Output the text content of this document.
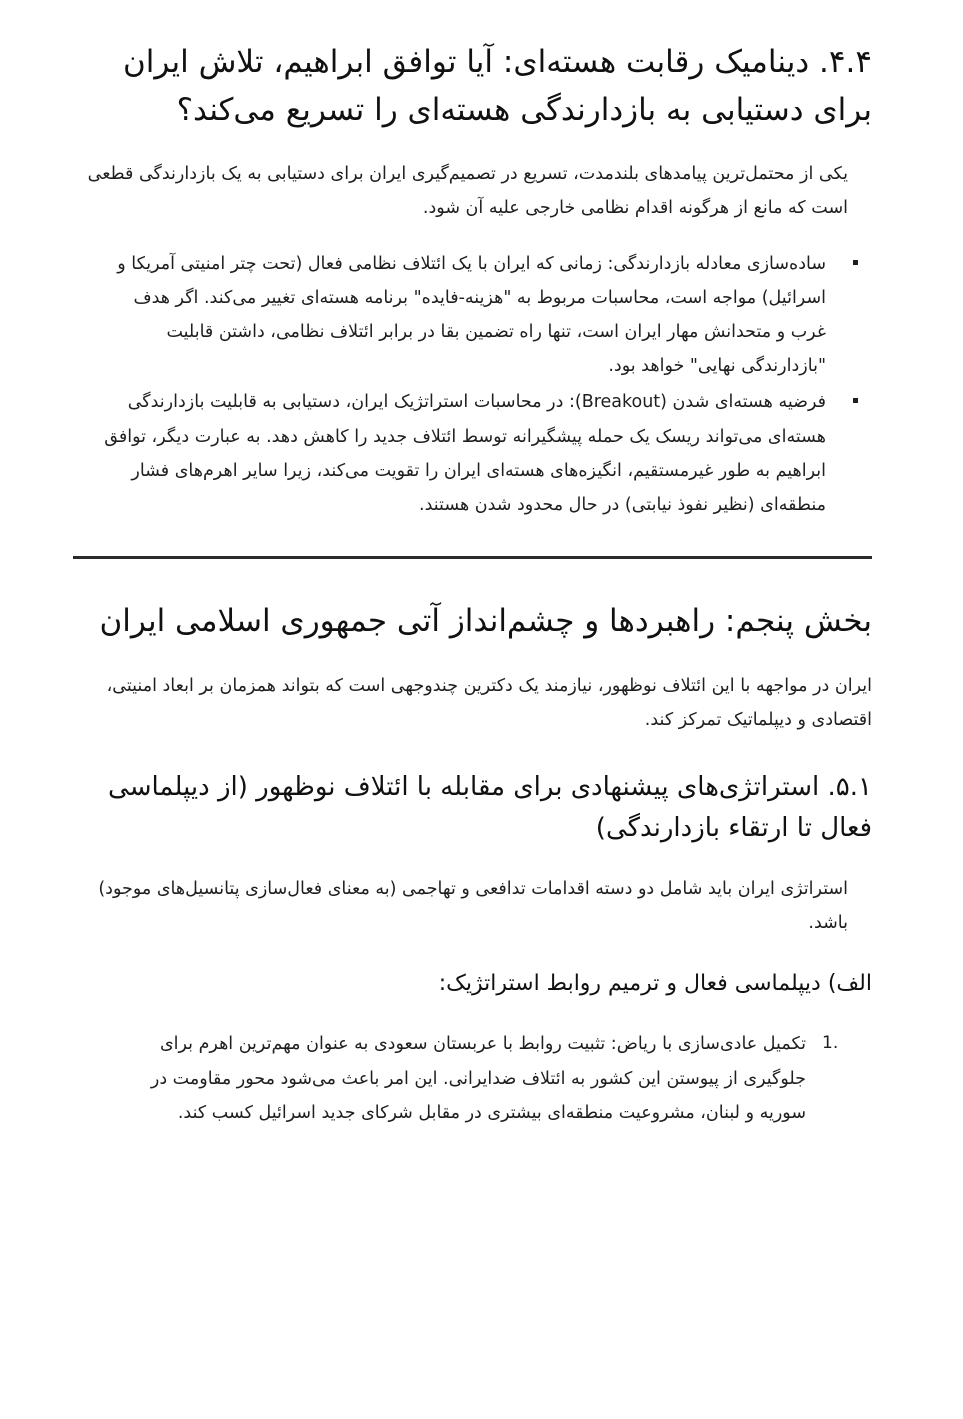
۴.۴. دینامیک رقابت هسته‌ای: آیا توافق ابراهیم، تلاش ایران برای دستیابی به بازدارندگی هسته‌ای را تسریع می‌کند؟

یکی از محتمل‌ترین پیامدهای بلندمدت، تسریع در تصمیم‌گیری ایران برای دستیابی به یک بازدارندگی قطعی است که مانع از هرگونه اقدام نظامی خارجی علیه آن شود.

ساده‌سازی معادله بازدارندگی: زمانی که ایران با یک ائتلاف نظامی فعال (تحت چتر امنیتی آمریکا و اسرائیل) مواجه است، محاسبات مربوط به "هزینه-فایده" برنامه هسته‌ای تغییر می‌کند. اگر هدف غرب و متحدانش مهار ایران است، تنها راه تضمین بقا در برابر ائتلاف نظامی، داشتن قابلیت "بازدارندگی نهایی" خواهد بود.
فرضیه هسته‌ای شدن (Breakout): در محاسبات استراتژیک ایران، دستیابی به قابلیت بازدارندگی هسته‌ای می‌تواند ریسک یک حمله پیشگیرانه توسط ائتلاف جدید را کاهش دهد. به عبارت دیگر، توافق ابراهیم به طور غیرمستقیم، انگیزه‌های هسته‌ای ایران را تقویت می‌کند، زیرا سایر اهرم‌های فشار منطقه‌ای (نظیر نفوذ نیابتی) در حال محدود شدن هستند.
بخش پنجم: راهبردها و چشم‌انداز آتی جمهوری اسلامی ایران

ایران در مواجهه با این ائتلاف نوظهور، نیازمند یک دکترین چندوجهی است که بتواند همزمان بر ابعاد امنیتی، اقتصادی و دیپلماتیک تمرکز کند.

۵.۱. استراتژی‌های پیشنهادی برای مقابله با ائتلاف نوظهور (از دیپلماسی فعال تا ارتقاء بازدارندگی)

استراتژی ایران باید شامل دو دسته اقدامات تدافعی و تهاجمی (به معنای فعال‌سازی پتانسیل‌های موجود) باشد.

الف) دیپلماسی فعال و ترمیم روابط استراتژیک:
1.
تکمیل عادی‌سازی با ریاض: تثبیت روابط با عربستان سعودی به عنوان مهم‌ترین اهرم برای جلوگیری از پیوستن این کشور به ائتلاف ضدایرانی. این امر باعث می‌شود محور مقاومت در سوریه و لبنان، مشروعیت منطقه‌ای بیشتری در مقابل شرکای جدید اسرائیل کسب کند.
